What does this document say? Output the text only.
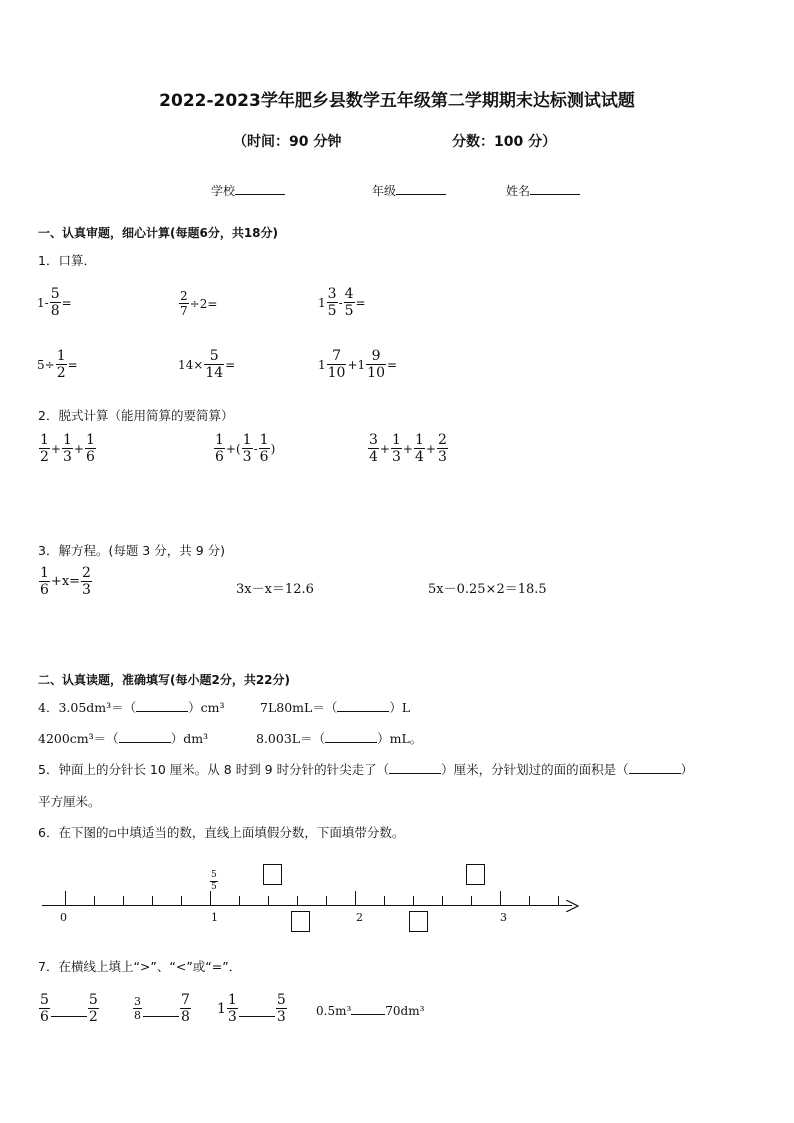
2022-2023学年肥乡县数学五年级第二学期期末达标测试试题
（时间：90 分钟	分数：100 分）
学校	年级	姓名
一、认真审题，细心计算(每题6分，共18分)
1．口算．
$1- \frac{5}{8}$ =	$\frac{2}{7} \div 2=$	$1 \frac{3}{5} - \frac{4}{5}$ =
$5\div \frac{1}{2}$ =	$14\times \frac{5}{14}$ =	$1 \frac{7}{10} +1 \frac{9}{10}$ =
2．脱式计算（能用简算的要简算）
$\frac{1}{2} + \frac{1}{3} + \frac{1}{6}$	$\frac{1}{6}$ +( $\frac{1}{3} - \frac{1}{6}$ )	$\frac{3}{4} + \frac{1}{3} + \frac{1}{4} + \frac{2}{3}$
3．解方程。(每题 3 分，共 9 分)
$\frac{1}{6} +x= \frac{2}{3}$	3x－x＝12.6	5x－0.25×2＝18.5
二、认真读题，准确填写(每小题2分，共22分)
4．3.05dm³＝（	）cm³	7L80mL＝（	）L
4200cm³＝（	）dm³	8.003L＝（	）mL。
5．钟面上的分针长 10 厘米。从 8 时到 9 时分针的针尖走了（	）厘米，分针划过的面的面积是（	）
平方厘米。
6．在下图的▫中填适当的数，直线上面填假分数，下面填带分数。
0	1	2	3
$\frac{5}{5}$
7．在横线上填上“>”、“<”或“=”．
$\frac{5}{6}$	$\frac{5}{2}$	$\frac{3}{8}$	$\frac{7}{8} 1 \frac{1}{3}$	$\frac{5}{3} 0.5m^3$	70dm³
